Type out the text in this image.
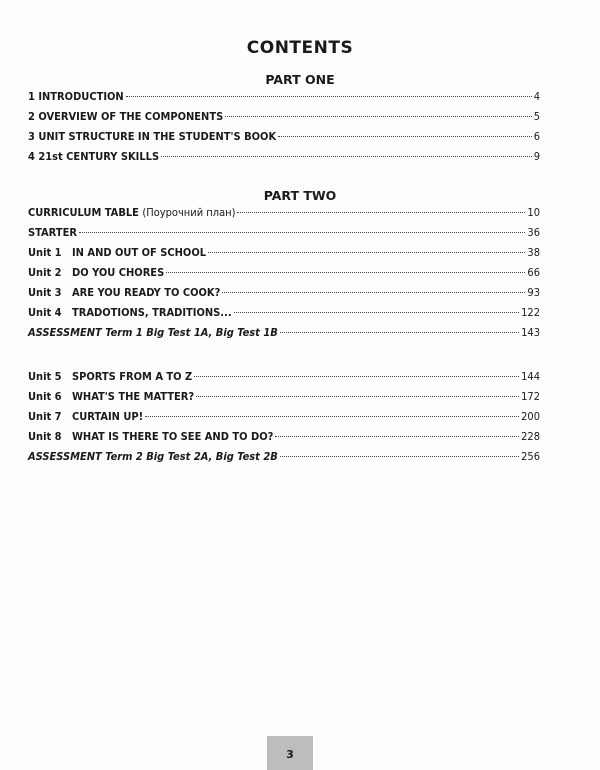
CONTENTS
PART ONE
1 INTRODUCTION	4
2 OVERVIEW OF THE COMPONENTS	5
3 UNIT STRUCTURE IN THE STUDENT'S BOOK	6
4 21st CENTURY SKILLS	9
PART TWO
CURRICULUM TABLE (Поурочний план)	10
STARTER	36
Unit 1 IN AND OUT OF SCHOOL	38
Unit 2 DO YOU CHORES	66
Unit 3 ARE YOU READY TO COOK?	93
Unit 4 TRADOTIONS, TRADITIONS...	122
ASSESSMENT Term 1 Big Test 1A, Big Test 1B	143
Unit 5 SPORTS FROM A TO Z	144
Unit 6 WHAT'S THE MATTER?	172
Unit 7 CURTAIN UP!	200
Unit 8 WHAT IS THERE TO SEE AND TO DO?	228
ASSESSMENT Term 2 Big Test 2A, Big Test 2B	256
3
